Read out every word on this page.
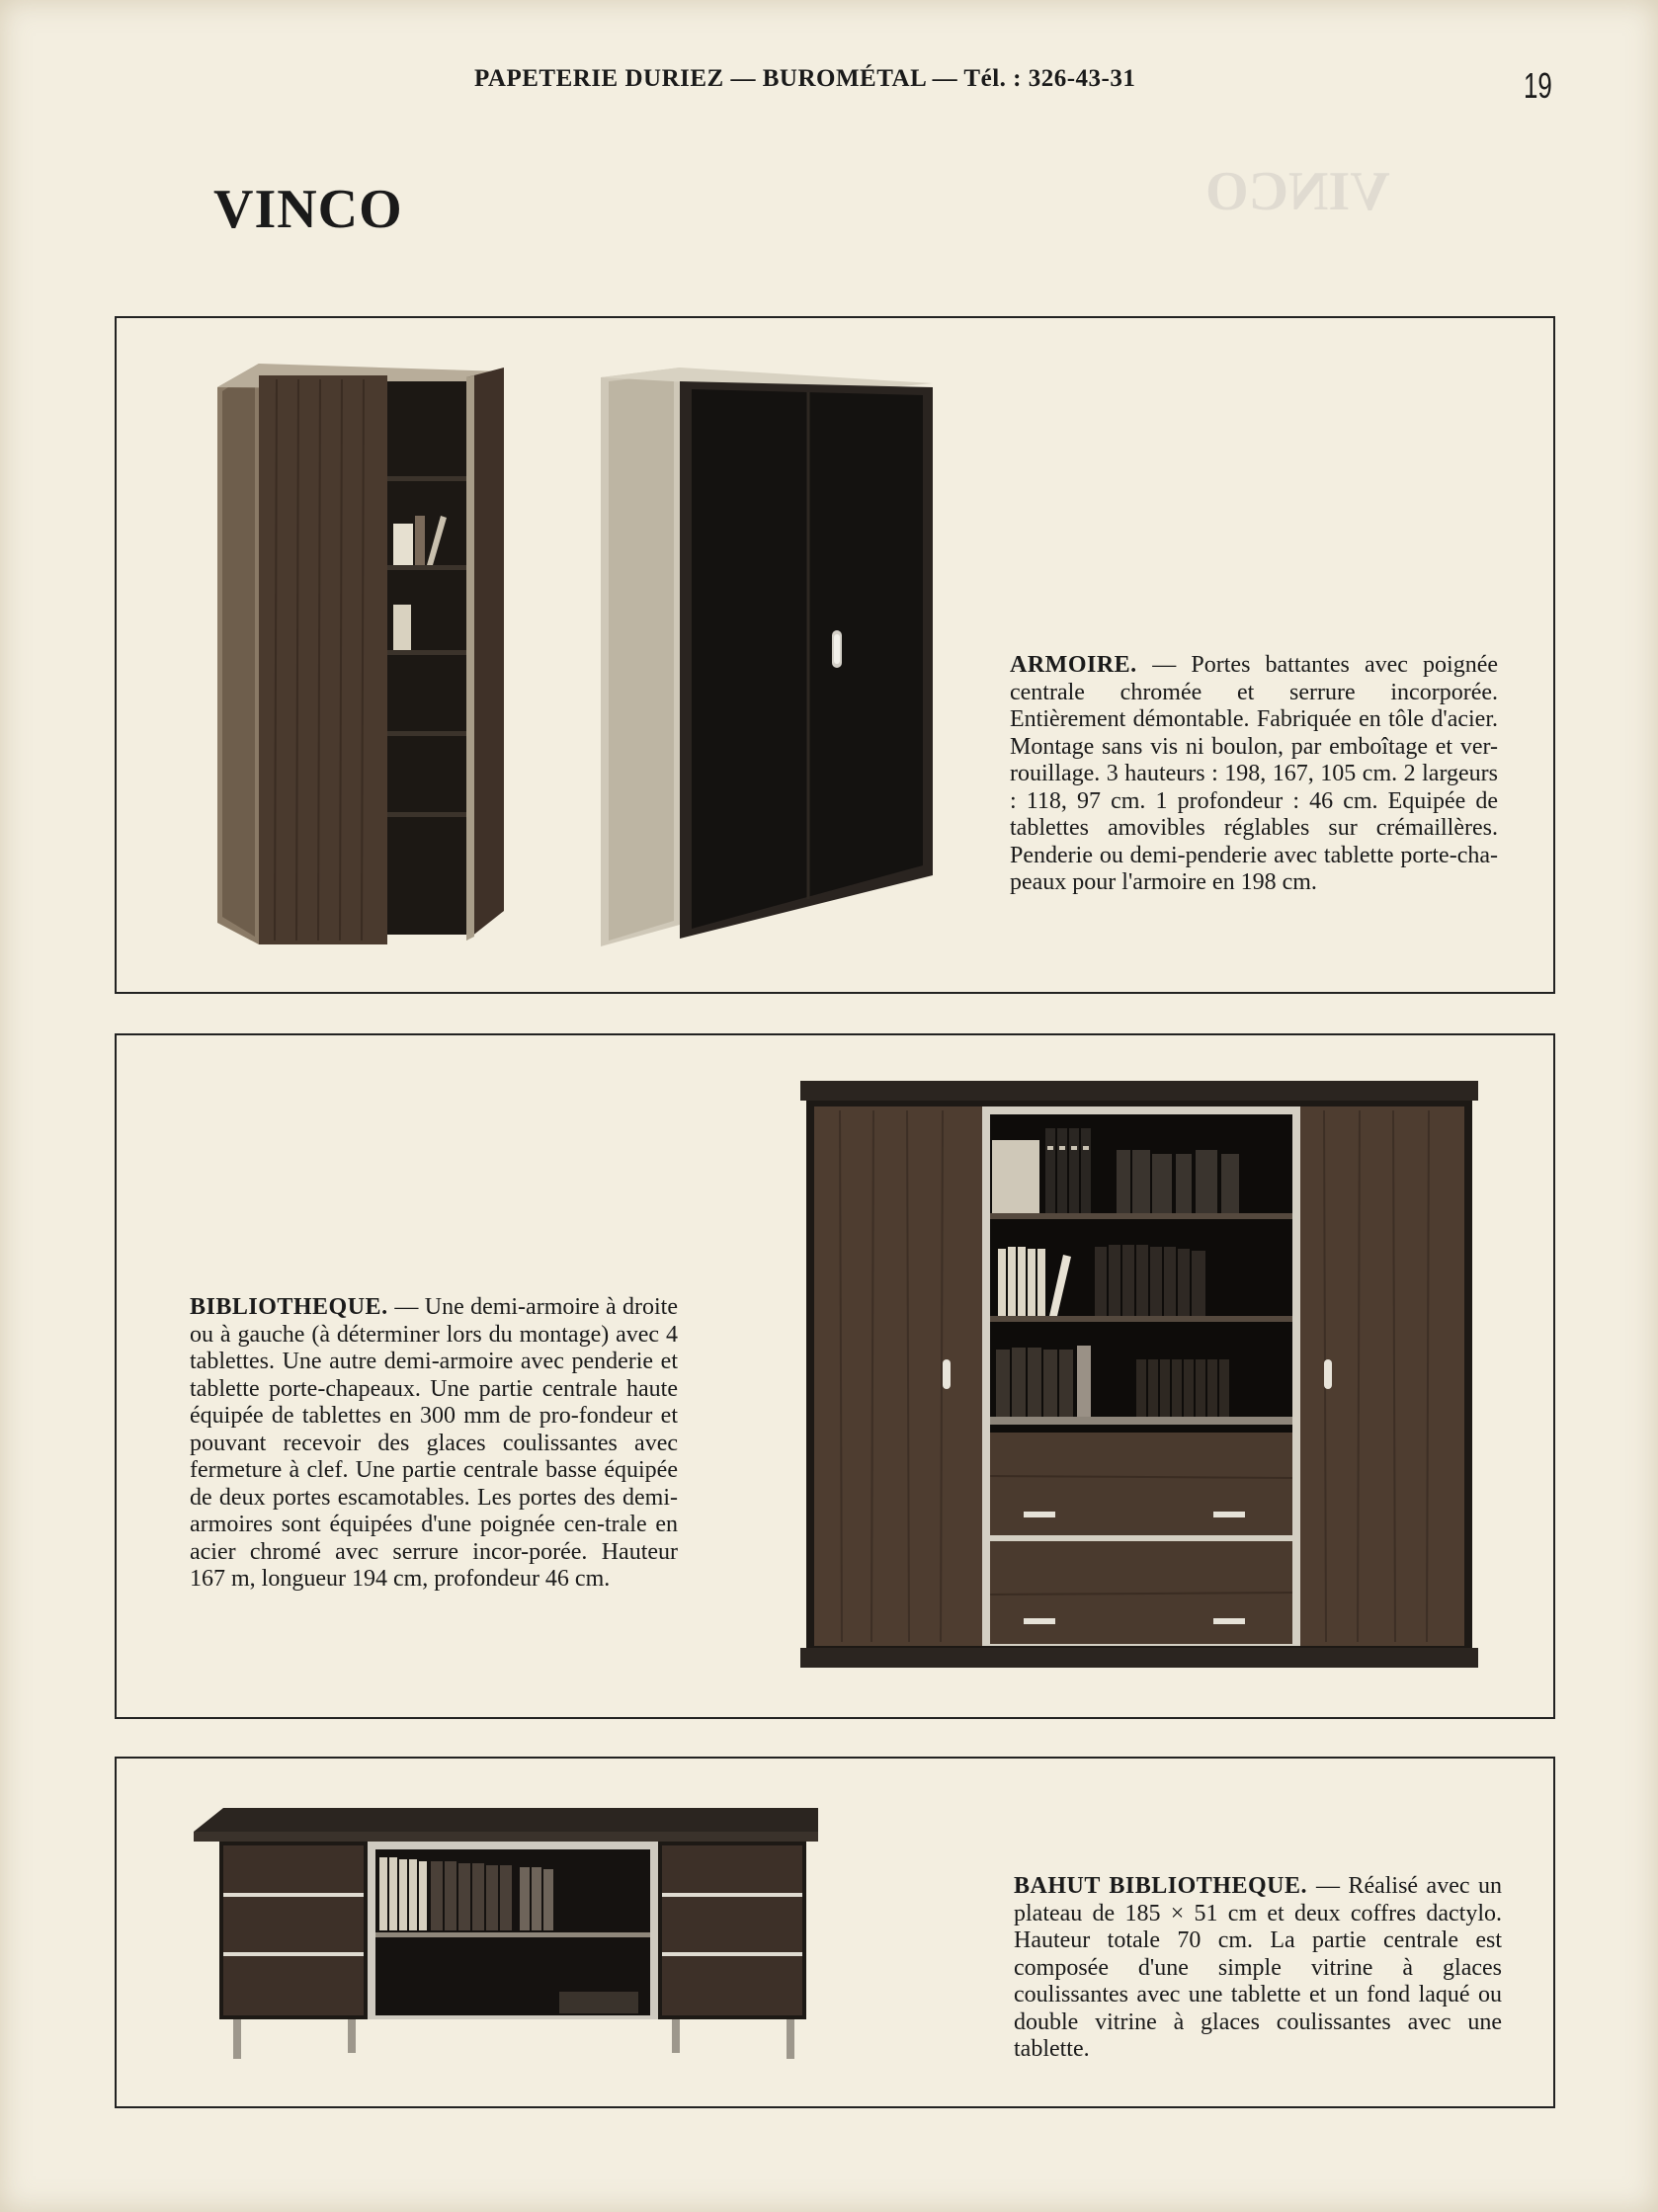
VINCO
PAPETERIE DURIEZ — BUROMÉTAL — Tél. : 326-43-31	19
VINCO
ARMOIRE. — Portes battantes avec poignée centrale chromée et serrure incorporée. Entièrement démontable. Fabriquée en tôle d'acier. Montage sans vis ni boulon, par emboîtage et ver-rouillage. 3 hauteurs : 198, 167, 105 cm. 2 largeurs : 118, 97 cm. 1 profondeur : 46 cm. Equipée de tablettes amovibles réglables sur crémaillères. Penderie ou demi-penderie avec tablette porte-cha-peaux pour l'armoire en 198 cm.
BIBLIOTHEQUE. — Une demi-armoire à droite ou à gauche (à déterminer lors du montage) avec 4 tablettes. Une autre demi-armoire avec penderie et tablette porte-chapeaux. Une partie centrale haute équipée de tablettes en 300 mm de pro-fondeur et pouvant recevoir des glaces coulissantes avec fermeture à clef. Une partie centrale basse équipée de deux portes escamotables. Les portes des demi-armoires sont équipées d'une poignée cen-trale en acier chromé avec serrure incor-porée. Hauteur 167 m, longueur 194 cm, profondeur 46 cm.
BAHUT BIBLIOTHEQUE. — Réalisé avec un plateau de 185 × 51 cm et deux coffres dactylo. Hauteur totale 70 cm. La partie centrale est composée d'une simple vitrine à glaces coulissantes avec une tablette et un fond laqué ou double vitrine à glaces coulissantes avec une tablette.
